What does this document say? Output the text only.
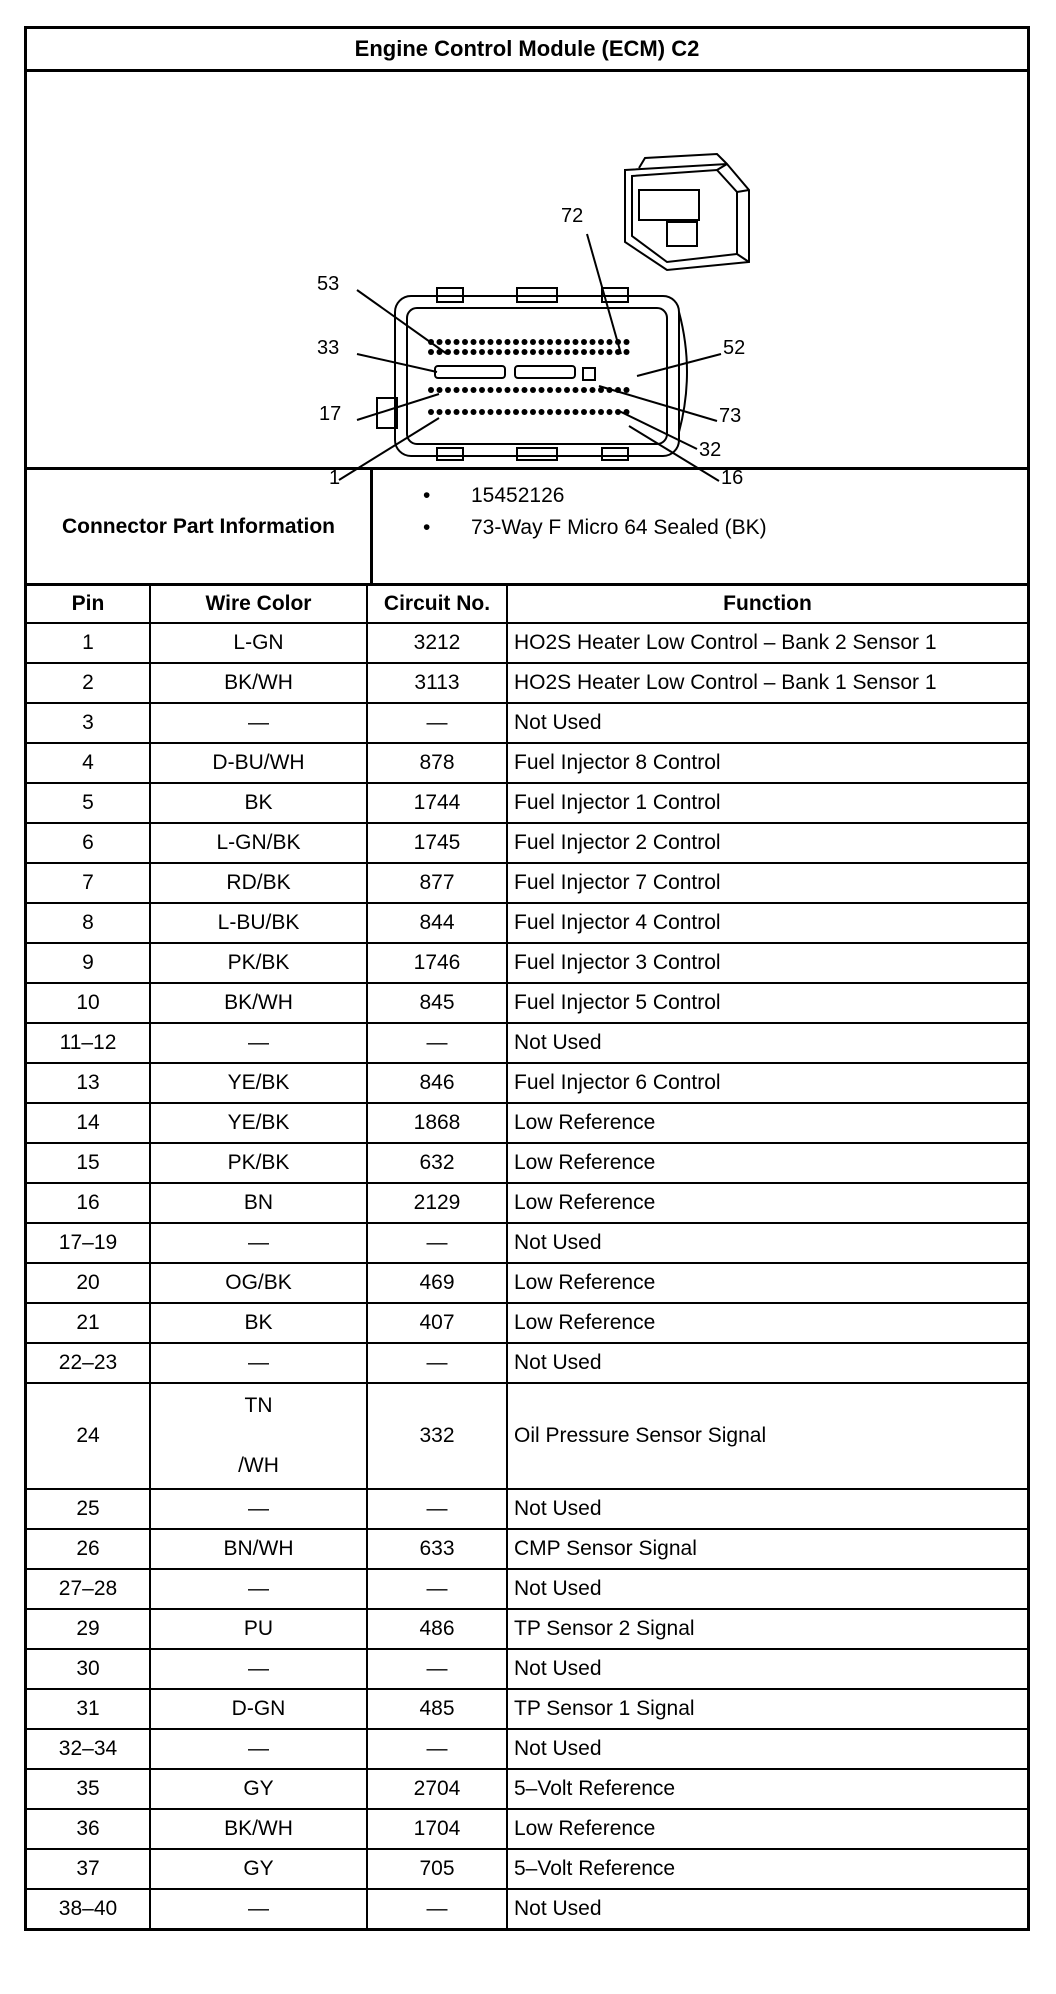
Engine Control Module (ECM) C2
72
53
33	52
17	73
32
1	16
Connector Part Information
• 15452126
• 73-Way F Micro 64 Sealed (BK)
Pin	Wire Color	Circuit No.	Function
1	L-GN	3212	HO2S Heater Low Control – Bank 2 Sensor 1
2	BK/WH	3113	HO2S Heater Low Control – Bank 1 Sensor 1
3	—	—	Not Used
4	D-BU/WH	878	Fuel Injector 8 Control
5	BK	1744	Fuel Injector 1 Control
6	L-GN/BK	1745	Fuel Injector 2 Control
7	RD/BK	877	Fuel Injector 7 Control
8	L-BU/BK	844	Fuel Injector 4 Control
9	PK/BK	1746	Fuel Injector 3 Control
10	BK/WH	845	Fuel Injector 5 Control
11–12	—	—	Not Used
13	YE/BK	846	Fuel Injector 6 Control
14	YE/BK	1868	Low Reference
15	PK/BK	632	Low Reference
16	BN	2129	Low Reference
17–19	—	—	Not Used
20	OG/BK	469	Low Reference
21	BK	407	Low Reference
22–23	—	—	Not Used
24	TN
/WH	332	Oil Pressure Sensor Signal
25	—	—	Not Used
26	BN/WH	633	CMP Sensor Signal
27–28	—	—	Not Used
29	PU	486	TP Sensor 2 Signal
30	—	—	Not Used
31	D-GN	485	TP Sensor 1 Signal
32–34	—	—	Not Used
35	GY	2704	5–Volt Reference
36	BK/WH	1704	Low Reference
37	GY	705	5–Volt Reference
38–40	—	—	Not Used
